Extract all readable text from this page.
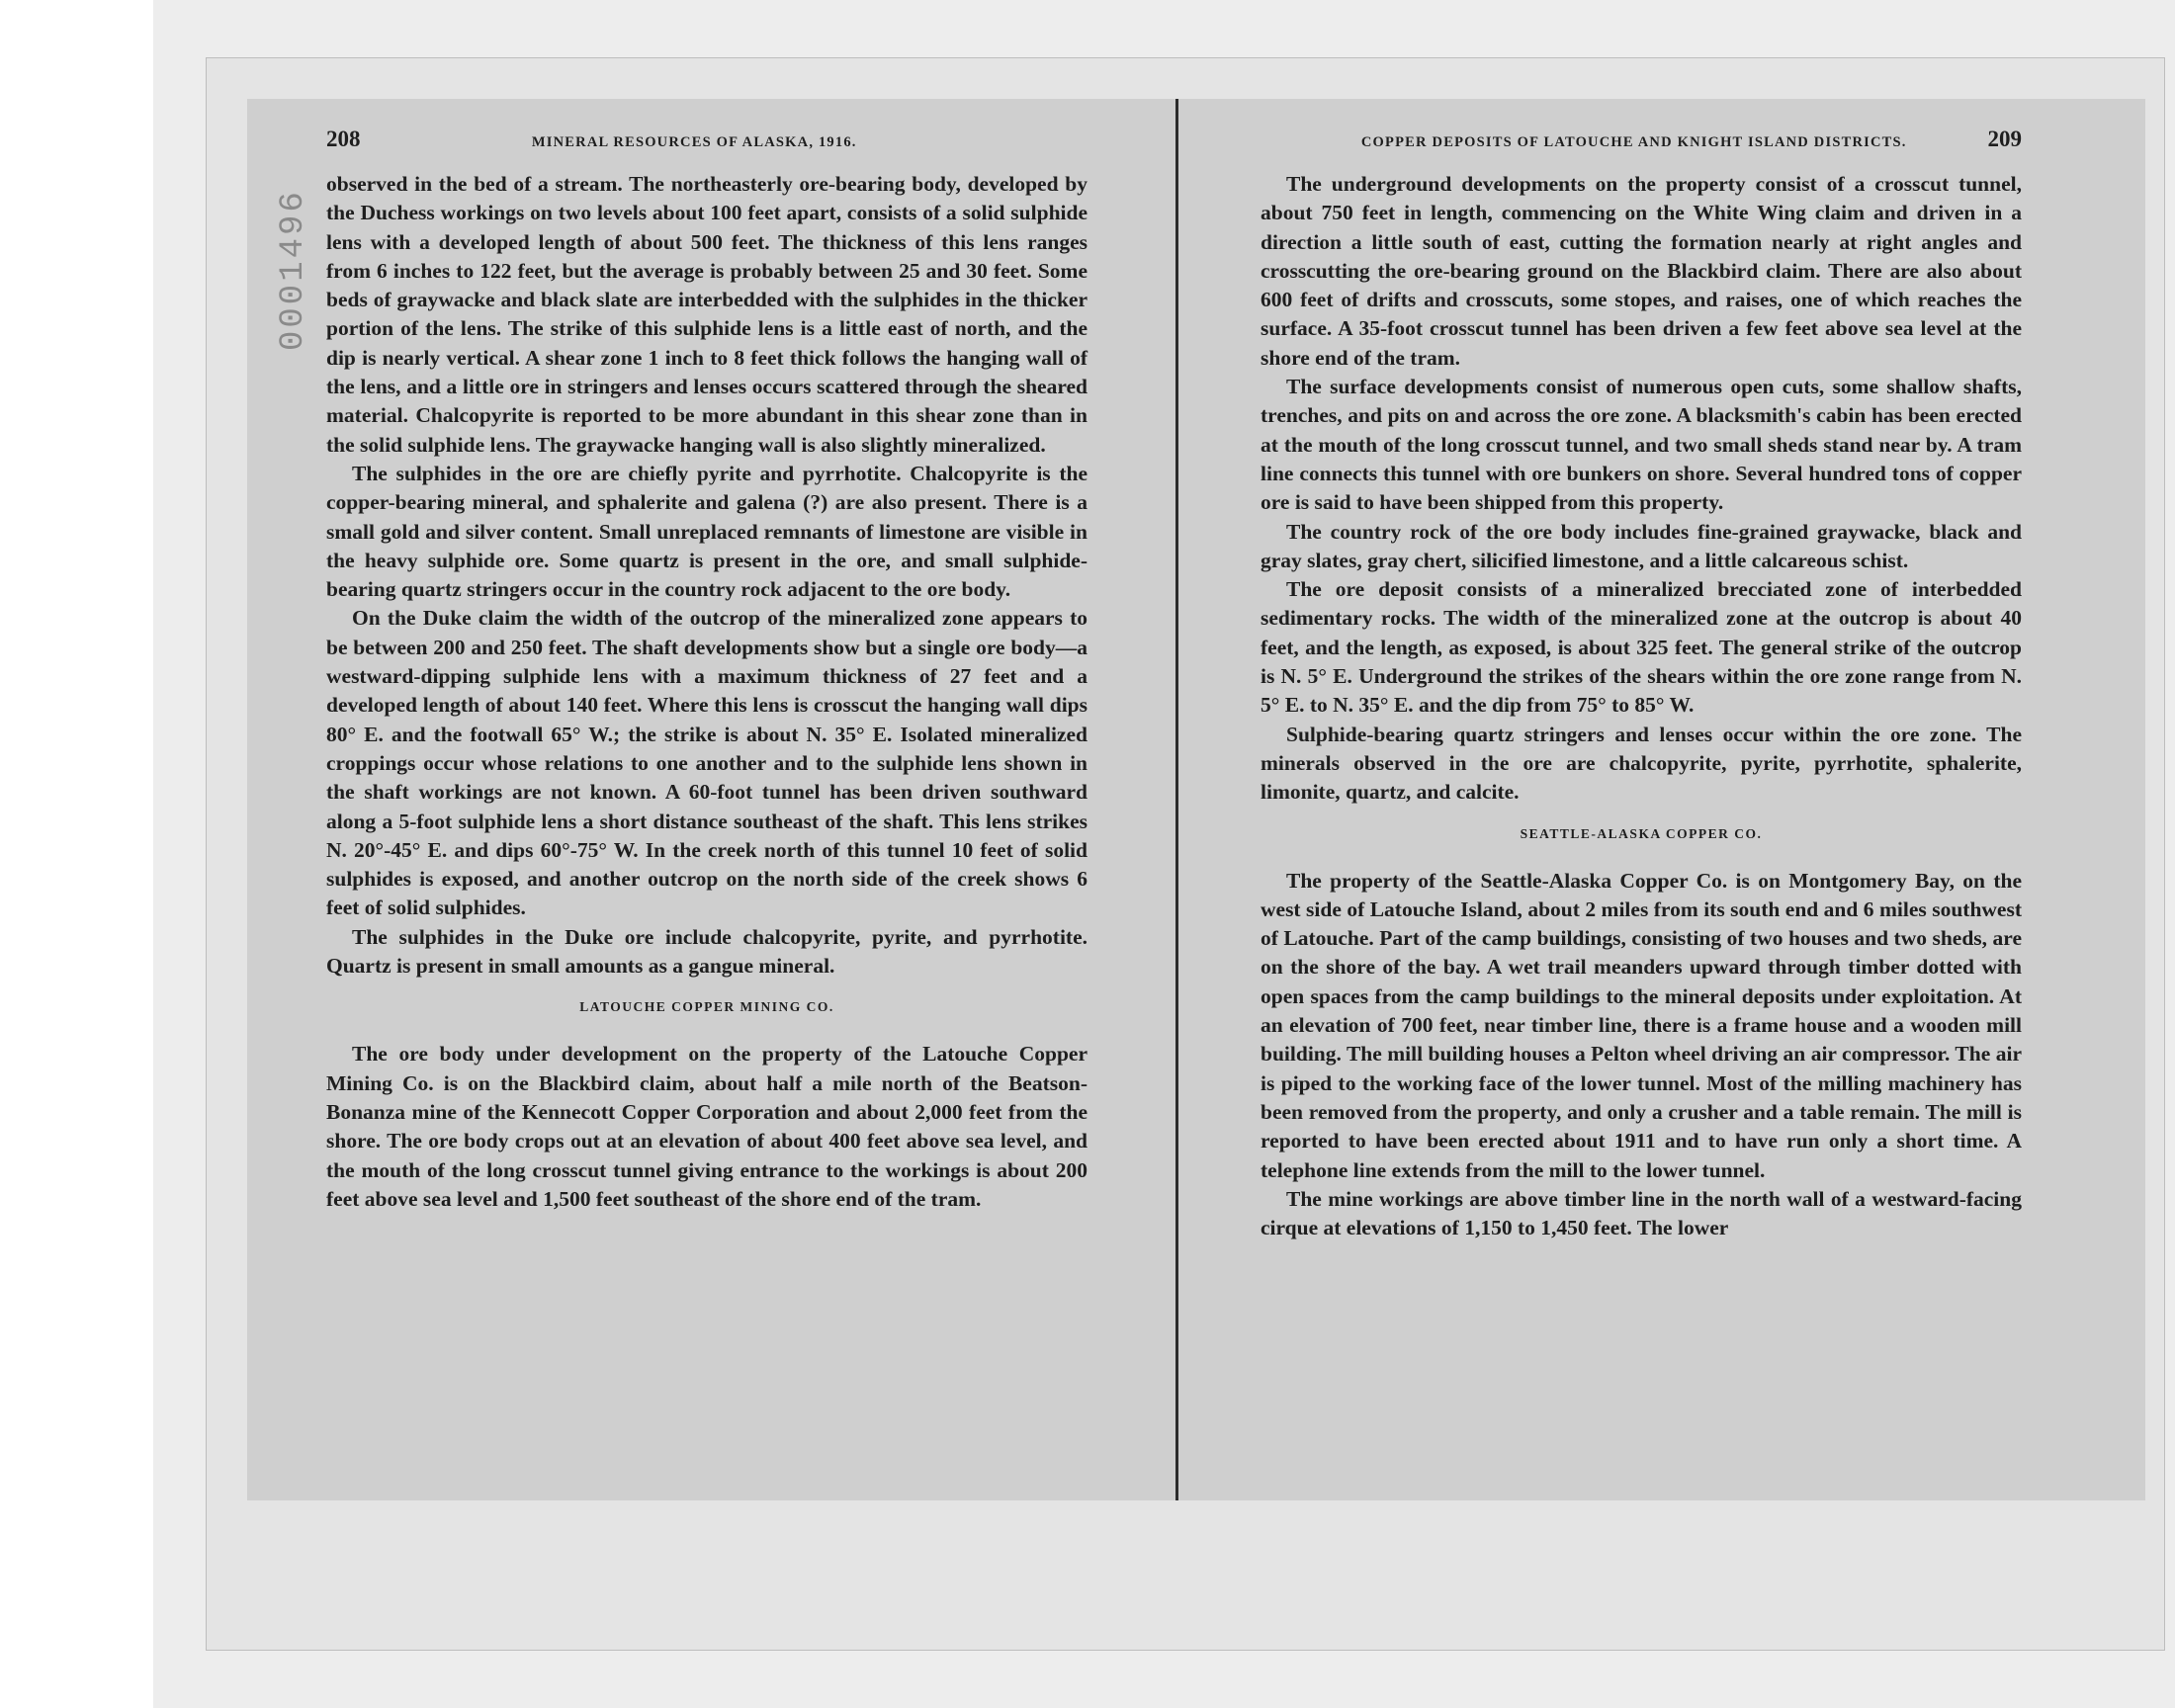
0001496
208	MINERAL RESOURCES OF ALASKA, 1916.

observed in the bed of a stream. The northeasterly ore-bearing body, developed by the Duchess workings on two levels about 100 feet apart, consists of a solid sulphide lens with a developed length of about 500 feet. The thickness of this lens ranges from 6 inches to 122 feet, but the average is probably between 25 and 30 feet. Some beds of graywacke and black slate are interbedded with the sulphides in the thicker portion of the lens. The strike of this sulphide lens is a little east of north, and the dip is nearly vertical. A shear zone 1 inch to 8 feet thick follows the hanging wall of the lens, and a little ore in stringers and lenses occurs scattered through the sheared material. Chalcopyrite is reported to be more abundant in this shear zone than in the solid sulphide lens. The graywacke hanging wall is also slightly mineralized.

The sulphides in the ore are chiefly pyrite and pyrrhotite. Chalcopyrite is the copper-bearing mineral, and sphalerite and galena (?) are also present. There is a small gold and silver content. Small unreplaced remnants of limestone are visible in the heavy sulphide ore. Some quartz is present in the ore, and small sulphide-bearing quartz stringers occur in the country rock adjacent to the ore body.

On the Duke claim the width of the outcrop of the mineralized zone appears to be between 200 and 250 feet. The shaft developments show but a single ore body—a westward-dipping sulphide lens with a maximum thickness of 27 feet and a developed length of about 140 feet. Where this lens is crosscut the hanging wall dips 80° E. and the footwall 65° W.; the strike is about N. 35° E. Isolated mineralized croppings occur whose relations to one another and to the sulphide lens shown in the shaft workings are not known. A 60-foot tunnel has been driven southward along a 5-foot sulphide lens a short distance southeast of the shaft. This lens strikes N. 20°-45° E. and dips 60°-75° W. In the creek north of this tunnel 10 feet of solid sulphides is exposed, and another outcrop on the north side of the creek shows 6 feet of solid sulphides.

The sulphides in the Duke ore include chalcopyrite, pyrite, and pyrrhotite. Quartz is present in small amounts as a gangue mineral.

LATOUCHE COPPER MINING CO.

The ore body under development on the property of the Latouche Copper Mining Co. is on the Blackbird claim, about half a mile north of the Beatson-Bonanza mine of the Kennecott Copper Corporation and about 2,000 feet from the shore. The ore body crops out at an elevation of about 400 feet above sea level, and the mouth of the long crosscut tunnel giving entrance to the workings is about 200 feet above sea level and 1,500 feet southeast of the shore end of the tram.

COPPER DEPOSITS OF LATOUCHE AND KNIGHT ISLAND DISTRICTS.	209

The underground developments on the property consist of a crosscut tunnel, about 750 feet in length, commencing on the White Wing claim and driven in a direction a little south of east, cutting the formation nearly at right angles and crosscutting the ore-bearing ground on the Blackbird claim. There are also about 600 feet of drifts and crosscuts, some stopes, and raises, one of which reaches the surface. A 35-foot crosscut tunnel has been driven a few feet above sea level at the shore end of the tram.

The surface developments consist of numerous open cuts, some shallow shafts, trenches, and pits on and across the ore zone. A blacksmith's cabin has been erected at the mouth of the long crosscut tunnel, and two small sheds stand near by. A tram line connects this tunnel with ore bunkers on shore. Several hundred tons of copper ore is said to have been shipped from this property.

The country rock of the ore body includes fine-grained graywacke, black and gray slates, gray chert, silicified limestone, and a little calcareous schist.

The ore deposit consists of a mineralized brecciated zone of interbedded sedimentary rocks. The width of the mineralized zone at the outcrop is about 40 feet, and the length, as exposed, is about 325 feet. The general strike of the outcrop is N. 5° E. Underground the strikes of the shears within the ore zone range from N. 5° E. to N. 35° E. and the dip from 75° to 85° W.

Sulphide-bearing quartz stringers and lenses occur within the ore zone. The minerals observed in the ore are chalcopyrite, pyrite, pyrrhotite, sphalerite, limonite, quartz, and calcite.

SEATTLE-ALASKA COPPER CO.

The property of the Seattle-Alaska Copper Co. is on Montgomery Bay, on the west side of Latouche Island, about 2 miles from its south end and 6 miles southwest of Latouche. Part of the camp buildings, consisting of two houses and two sheds, are on the shore of the bay. A wet trail meanders upward through timber dotted with open spaces from the camp buildings to the mineral deposits under exploitation. At an elevation of 700 feet, near timber line, there is a frame house and a wooden mill building. The mill building houses a Pelton wheel driving an air compressor. The air is piped to the working face of the lower tunnel. Most of the milling machinery has been removed from the property, and only a crusher and a table remain. The mill is reported to have been erected about 1911 and to have run only a short time. A telephone line extends from the mill to the lower tunnel.

The mine workings are above timber line in the north wall of a westward-facing cirque at elevations of 1,150 to 1,450 feet. The lower
